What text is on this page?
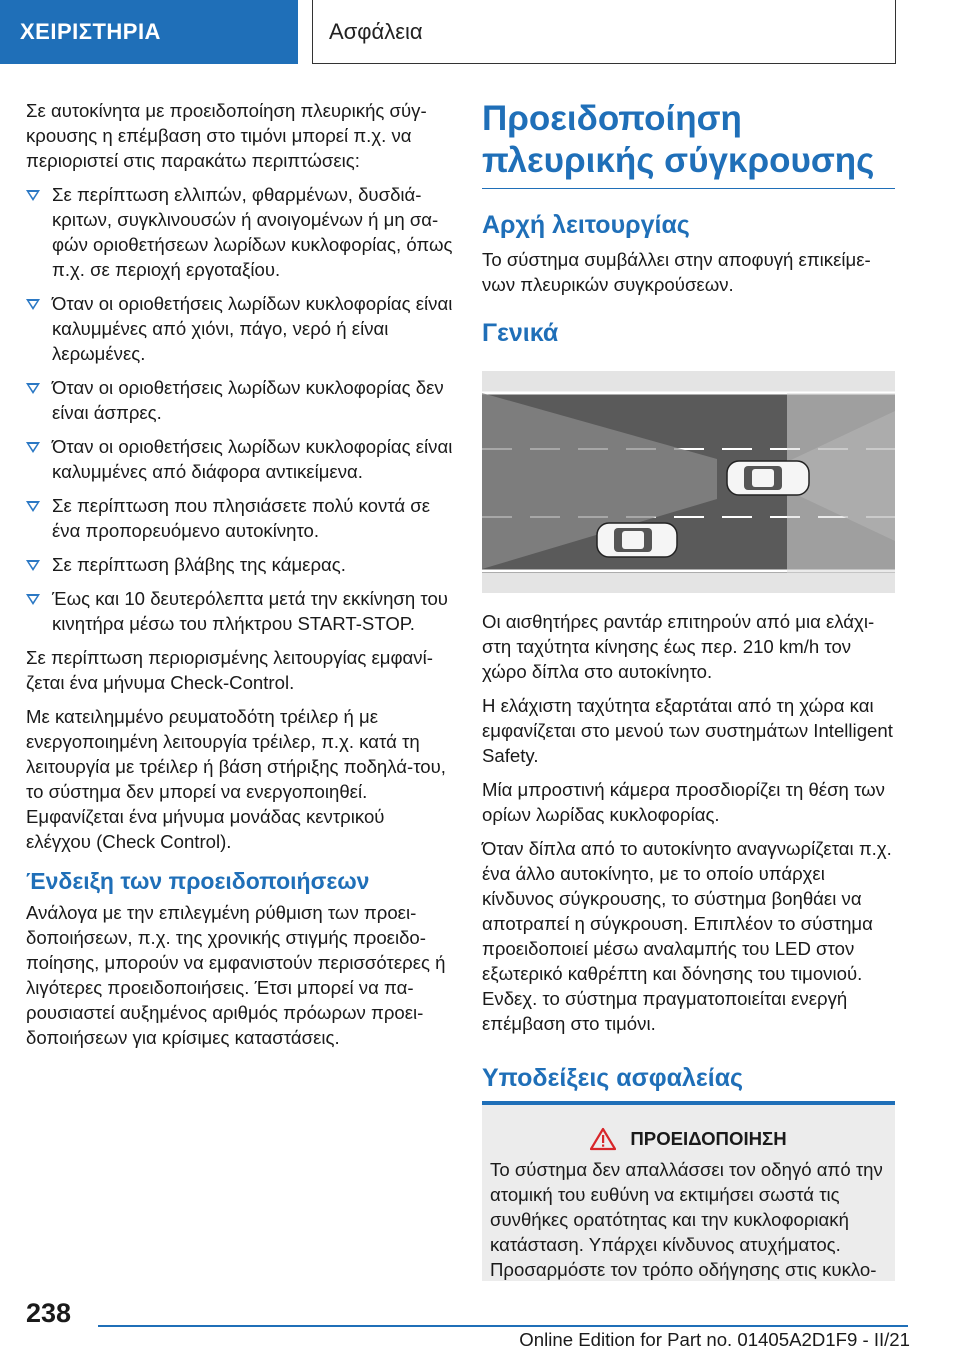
ΧΕΙΡΙΣΤΗΡΙΑ	Ασφάλεια

Σε αυτοκίνητα με προειδοποίηση πλευρικής σύγ-κρουσης η επέμβαση στο τιμόνι μπορεί π.χ. να περιοριστεί στις παρακάτω περιπτώσεις:

Σε περίπτωση ελλιπών, φθαρμένων, δυσδιά-κριτων, συγκλινουσών ή ανοιγομένων ή μη σα-φών οριοθετήσεων λωρίδων κυκλοφορίας, όπως π.χ. σε περιοχή εργοταξίου.
Όταν οι οριοθετήσεις λωρίδων κυκλοφορίας είναι καλυμμένες από χιόνι, πάγο, νερό ή είναι λερωμένες.
Όταν οι οριοθετήσεις λωρίδων κυκλοφορίας δεν είναι άσπρες.
Όταν οι οριοθετήσεις λωρίδων κυκλοφορίας είναι καλυμμένες από διάφορα αντικείμενα.
Σε περίπτωση που πλησιάσετε πολύ κοντά σε ένα προπορευόμενο αυτοκίνητο.
Σε περίπτωση βλάβης της κάμερας.
Έως και 10 δευτερόλεπτα μετά την εκκίνηση του κινητήρα μέσω του πλήκτρου START-STOP.

Σε περίπτωση περιορισμένης λειτουργίας εμφανί-ζεται ένα μήνυμα Check-Control.

Με κατειλημμένο ρευματοδότη τρέιλερ ή με ενεργοποιημένη λειτουργία τρέιλερ, π.χ. κατά τη λειτουργία με τρέιλερ ή βάση στήριξης ποδηλά-του, το σύστημα δεν μπορεί να ενεργοποιηθεί. Εμφανίζεται ένα μήνυμα μονάδας κεντρικού ελέγχου (Check Control).

Ένδειξη των προειδοποιήσεων

Ανάλογα με την επιλεγμένη ρύθμιση των προει-δοποιήσεων, π.χ. της χρονικής στιγμής προειδο-ποίησης, μπορούν να εμφανιστούν περισσότερες ή λιγότερες προειδοποιήσεις. Έτσι μπορεί να πα-ρουσιαστεί αυξημένος αριθμός πρόωρων προει-δοποιήσεων για κρίσιμες καταστάσεις.

Προειδοποίηση πλευρικής σύγκρουσης
Αρχή λειτουργίας

Το σύστημα συμβάλλει στην αποφυγή επικείμε-νων πλευρικών συγκρούσεων.

Γενικά

Οι αισθητήρες ραντάρ επιτηρούν από μια ελάχι-στη ταχύτητα κίνησης έως περ. 210 km/h τον χώρο δίπλα στο αυτοκίνητο.

Η ελάχιστη ταχύτητα εξαρτάται από τη χώρα και εμφανίζεται στο μενού των συστημάτων Intelligent Safety.

Μία μπροστινή κάμερα προσδιορίζει τη θέση των ορίων λωρίδας κυκλοφορίας.

Όταν δίπλα από το αυτοκίνητο αναγνωρίζεται π.χ. ένα άλλο αυτοκίνητο, με το οποίο υπάρχει κίνδυνος σύγκρουσης, το σύστημα βοηθάει να αποτραπεί η σύγκρουση. Επιπλέον το σύστημα προειδοποιεί μέσω αναλαμπής του LED στον εξωτερικό καθρέπτη και δόνησης του τιμονιού. Ενδεχ. το σύστημα πραγματοποιείται ενεργή επέμβαση στο τιμόνι.

Υποδείξεις ασφαλείας
ΠΡΟΕΙΔΟΠΟΙΗΣΗ

Το σύστημα δεν απαλλάσσει τον οδηγό από την ατομική του ευθύνη να εκτιμήσει σωστά τις συνθήκες ορατότητας και την κυκλοφοριακή κατάσταση. Υπάρχει κίνδυνος ατυχήματος. Προσαρμόστε τον τρόπο οδήγησης στις κυκλο-

238
Online Edition for Part no. 01405A2D1F9 - II/21
